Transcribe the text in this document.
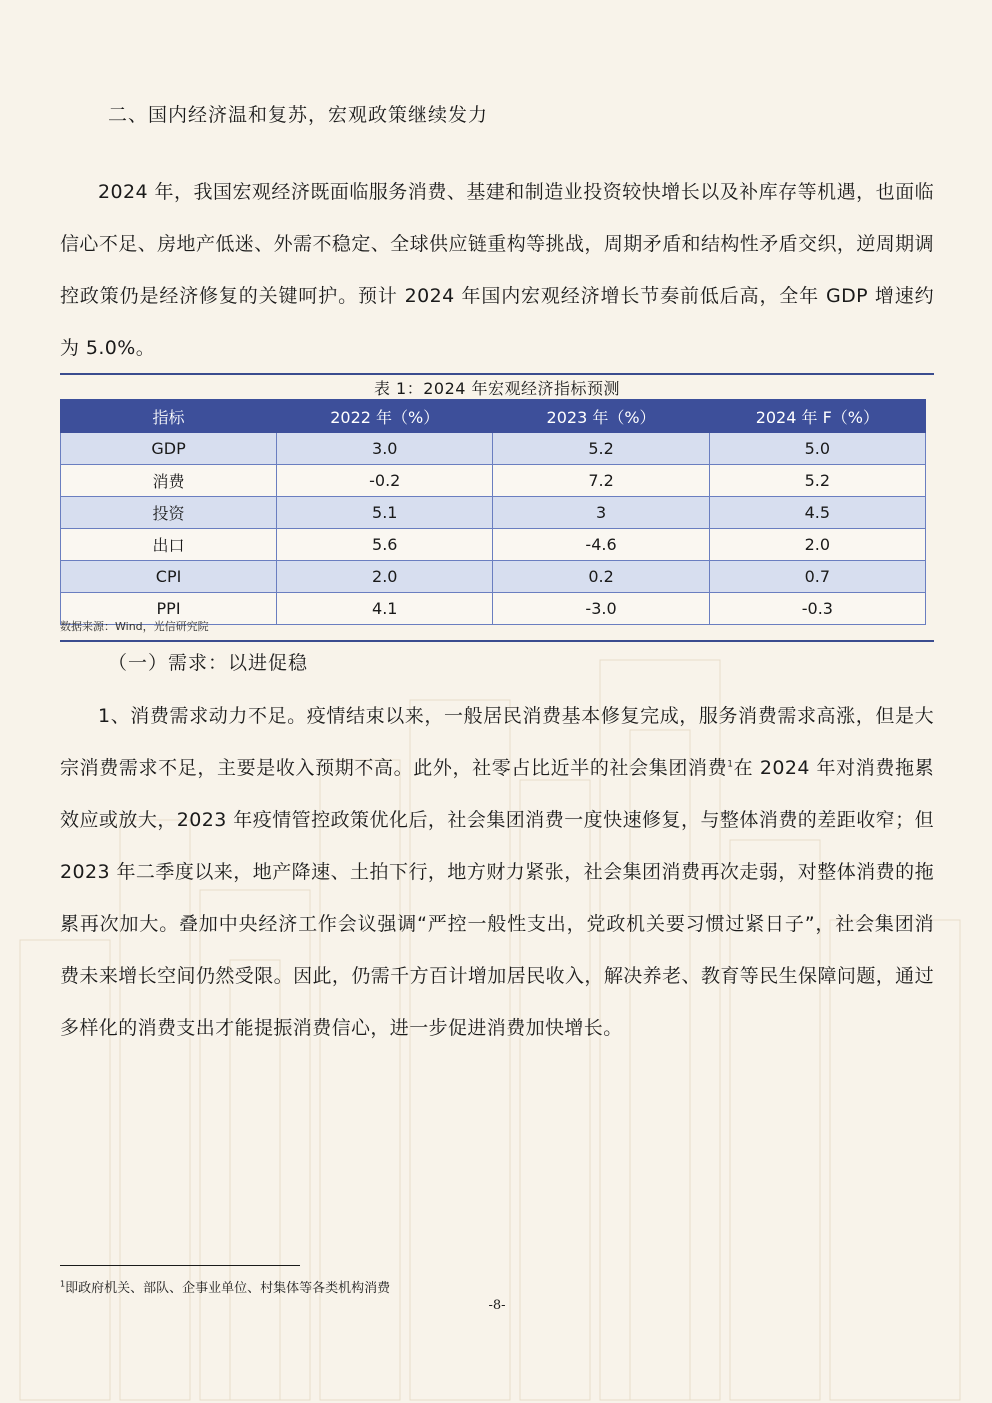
二、国内经济温和复苏，宏观政策继续发力
2024 年，我国宏观经济既面临服务消费、基建和制造业投资较快增长以及补库存等机遇，也面临信心不足、房地产低迷、外需不稳定、全球供应链重构等挑战，周期矛盾和结构性矛盾交织，逆周期调控政策仍是经济修复的关键呵护。预计 2024 年国内宏观经济增长节奏前低后高，全年 GDP 增速约为 5.0%。
表 1：2024 年宏观经济指标预测
指标	2022 年（%）	2023 年（%）	2024 年 F（%）
GDP	3.0	5.2	5.0
消费	-0.2	7.2	5.2
投资	5.1	3	4.5
出口	5.6	-4.6	2.0
CPI	2.0	0.2	0.7
PPI	4.1	-3.0	-0.3
数据来源：Wind，光信研究院
（一）需求：以进促稳
1、消费需求动力不足。疫情结束以来，一般居民消费基本修复完成，服务消费需求高涨，但是大宗消费需求不足，主要是收入预期不高。此外，社零占比近半的社会集团消费$^1$在 2024 年对消费拖累效应或放大，2023 年疫情管控政策优化后，社会集团消费一度快速修复，与整体消费的差距收窄；但 2023 年二季度以来，地产降速、土拍下行，地方财力紧张，社会集团消费再次走弱，对整体消费的拖累再次加大。叠加中央经济工作会议强调“严控一般性支出，党政机关要习惯过紧日子”，社会集团消费未来增长空间仍然受限。因此，仍需千方百计增加居民收入，解决养老、教育等民生保障问题，通过多样化的消费支出才能提振消费信心，进一步促进消费加快增长。
$^1$即政府机关、部队、企事业单位、村集体等各类机构消费
-8-
